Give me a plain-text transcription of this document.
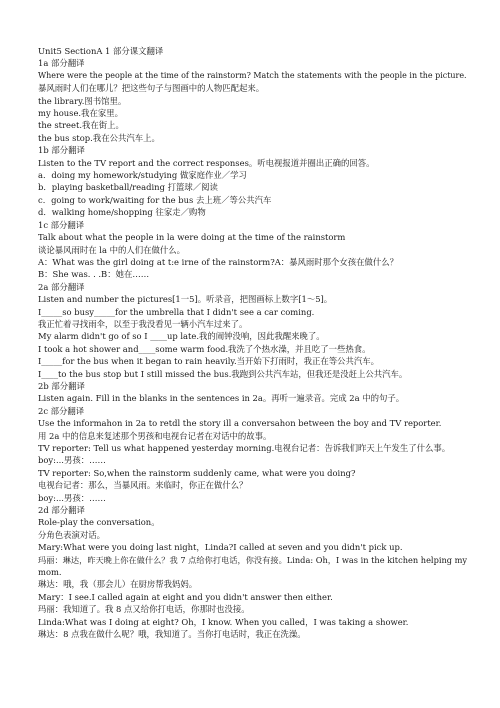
Unit5 SectionA 1 部分课文翻译
1a 部分翻译
Where were the people at the time of the rainstorm? Match the statements with the people in the picture.
暴风雨时人们在哪儿？把这些句子与图画中的人物匹配起来。
the library.图书馆里。
my house.我在家里。
the street.我在街上。
the bus stop.我在公共汽车上。
1b 部分翻译
Listen to the TV report and the correct responses。听电视报道并圈出正确的回答。
a．doing my homework/studying 做家庭作业／学习
b．playing basketball/reading 打篮球／阅读
c．going to work/waiting for the bus 去上班／等公共汽车
d．walking home/shopping 往家走／购物
1c 部分翻译
Talk about what the people in la were doing at the time of the rainstorm
谈论暴风雨时在 la 中的人们在做什么。
A：What was the girl doing at t:e irne of the rainstorm?A：暴风雨时那个女孩在做什么？
B：She was. . .B：她在……
2a 部分翻译
Listen and number the pictures[1一5]。听录音，把图画标上数字[1～5]。
I_____so busy_____for the umbrella that I didn't see a car coming.
我正忙着寻找雨伞，以至于我没看见一辆小汽车过来了。
My alarm didn't go of so I ____up late.我的闹钟没响，因此我醒来晚了。
I took a hot shower and____some warm food.我洗了个热水澡，并且吃了一些热食。
I_____for the bus when it began to rain heavily.当开始下打雨时，我正在等公共汽车。
I____to the bus stop but I still missed the bus.我跑到公共汽车站，但我还是没赶上公共汽车。
2b 部分翻译
Listen again. Fill in the blanks in the sentences in 2a。再听一遍录音。完成 2a 中的句子。
2c 部分翻译
Use the informahon in 2a to retdl the story ill a conversahon between the boy and TV reporter.
用 2a 中的信息来复述那个男孩和电视台记者在对话中的故事。
TV reporter: Tell us what happened yesterday morning.电视台记者：告诉我们昨天上午发生了什么事。
boy:...男孩：……
TV reporter: So,when the rainstorm suddenly came, what were you doing?
电视台记者：那么，当暴风雨。来临时，你正在做什么？
boy:...男孩：……
2d 部分翻译
Role-play the conversation。
分角色表演对话。
Mary:What were you doing last night，Linda?I called at seven and you didn't pick up.
玛丽：琳达，昨天晚上你在做什么？我 7 点给你打电话，你没有接。Linda: Oh，I was in the kitchen helping my
mom.
琳达：哦，我（那会儿）在厨房帮我妈妈。
Mary：I see.I called again at eight and you didn't answer then either.
玛丽：我知道了。我 8 点又给你打电话，你那时也没接。
Linda:What was I doing at eight? Oh，I know. When you called，I was taking a shower.
琳达：8 点我在做什么呢？哦，我知道了。当你打电话时，我正在洗澡。
